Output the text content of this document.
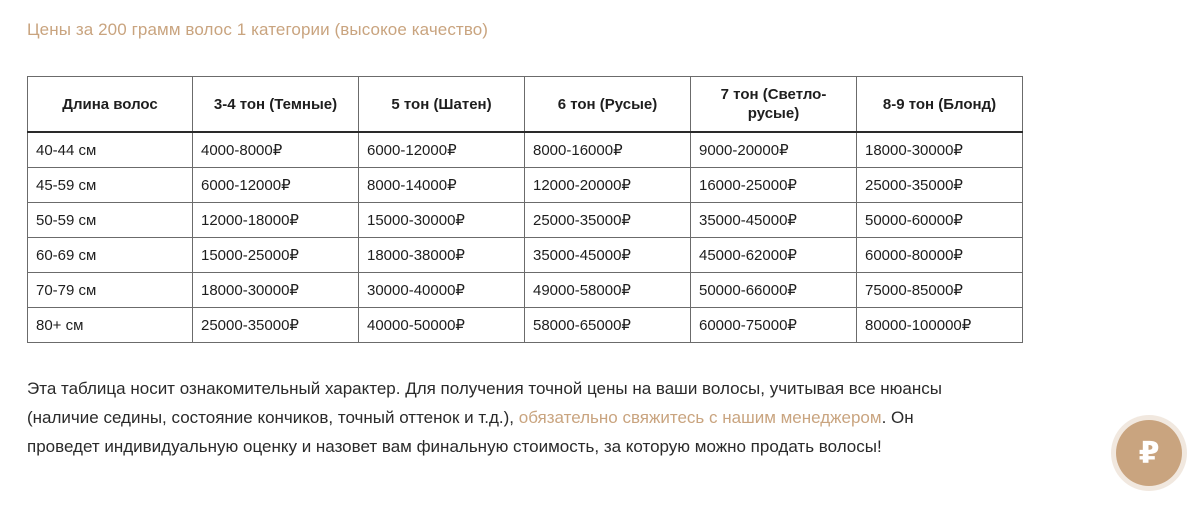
Цены за 200 грамм волос 1 категории (высокое качество)
Длина волос	3-4 тон (Темные)	5 тон (Шатен)	6 тон (Русые)	7 тон (Светло-русые)	8-9 тон (Блонд)
40-44 см	4000-8000₽	6000-12000₽	8000-16000₽	9000-20000₽	18000-30000₽
45-59 см	6000-12000₽	8000-14000₽	12000-20000₽	16000-25000₽	25000-35000₽
50-59 см	12000-18000₽	15000-30000₽	25000-35000₽	35000-45000₽	50000-60000₽
60-69 см	15000-25000₽	18000-38000₽	35000-45000₽	45000-62000₽	60000-80000₽
70-79 см	18000-30000₽	30000-40000₽	49000-58000₽	50000-66000₽	75000-85000₽
80+ см	25000-35000₽	40000-50000₽	58000-65000₽	60000-75000₽	80000-100000₽
Эта таблица носит ознакомительный характер. Для получения точной цены на ваши волосы, учитывая все нюансы (наличие седины, состояние кончиков, точный оттенок и т.д.), обязательно свяжитесь с нашим менеджером. Он проведет индивидуальную оценку и назовет вам финальную стоимость, за которую можно продать волосы!	₽
